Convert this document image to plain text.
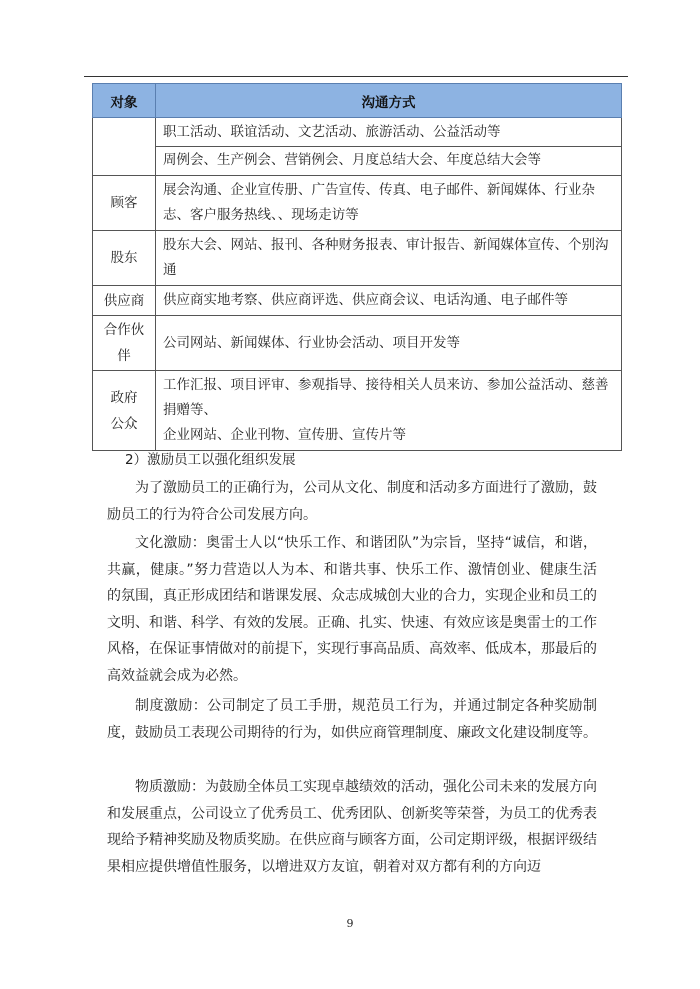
对象	沟通方式

	职工活动、联谊活动、文艺活动、旅游活动、公益活动等
周例会、生产例会、营销例会、月度总结大会、年度总结大会等

顾客	展会沟通、企业宣传册、广告宣传、传真、电子邮件、新闻媒体、行业杂志、客户服务热线、、现场走访等

股东	股东大会、网站、报刊、各种财务报表、审计报告、新闻媒体宣传、个别沟通

供应商	供应商实地考察、供应商评选、供应商会议、电话沟通、电子邮件等

合作伙伴	公司网站、新闻媒体、行业协会活动、项目开发等

政府公众	工作汇报、项目评审、参观指导、接待相关人员来访、参加公益活动、慈善捐赠等、
企业网站、企业刊物、宣传册、宣传片等
2）激励员工以强化组织发展

为了激励员工的正确行为，公司从文化、制度和活动多方面进行了激励，鼓励员工的行为符合公司发展方向。

文化激励：奥雷士人以“快乐工作、和谐团队”为宗旨，坚持“诚信，和谐，共赢，健康。”努力营造以人为本、和谐共事、快乐工作、激情创业、健康生活的氛围，真正形成团结和谐课发展、众志成城创大业的合力，实现企业和员工的文明、和谐、科学、有效的发展。正确、扎实、快速、有效应该是奥雷士的工作风格，在保证事情做对的前提下，实现行事高品质、高效率、低成本，那最后的高效益就会成为必然。

制度激励：公司制定了员工手册，规范员工行为，并通过制定各种奖励制度，鼓励员工表现公司期待的行为，如供应商管理制度、廉政文化建设制度等。

物质激励：为鼓励全体员工实现卓越绩效的活动，强化公司未来的发展方向和发展重点，公司设立了优秀员工、优秀团队、创新奖等荣誉，为员工的优秀表现给予精神奖励及物质奖励。在供应商与顾客方面，公司定期评级，根据评级结果相应提供增值性服务，以增进双方友谊，朝着对双方都有利的方向迈

9
